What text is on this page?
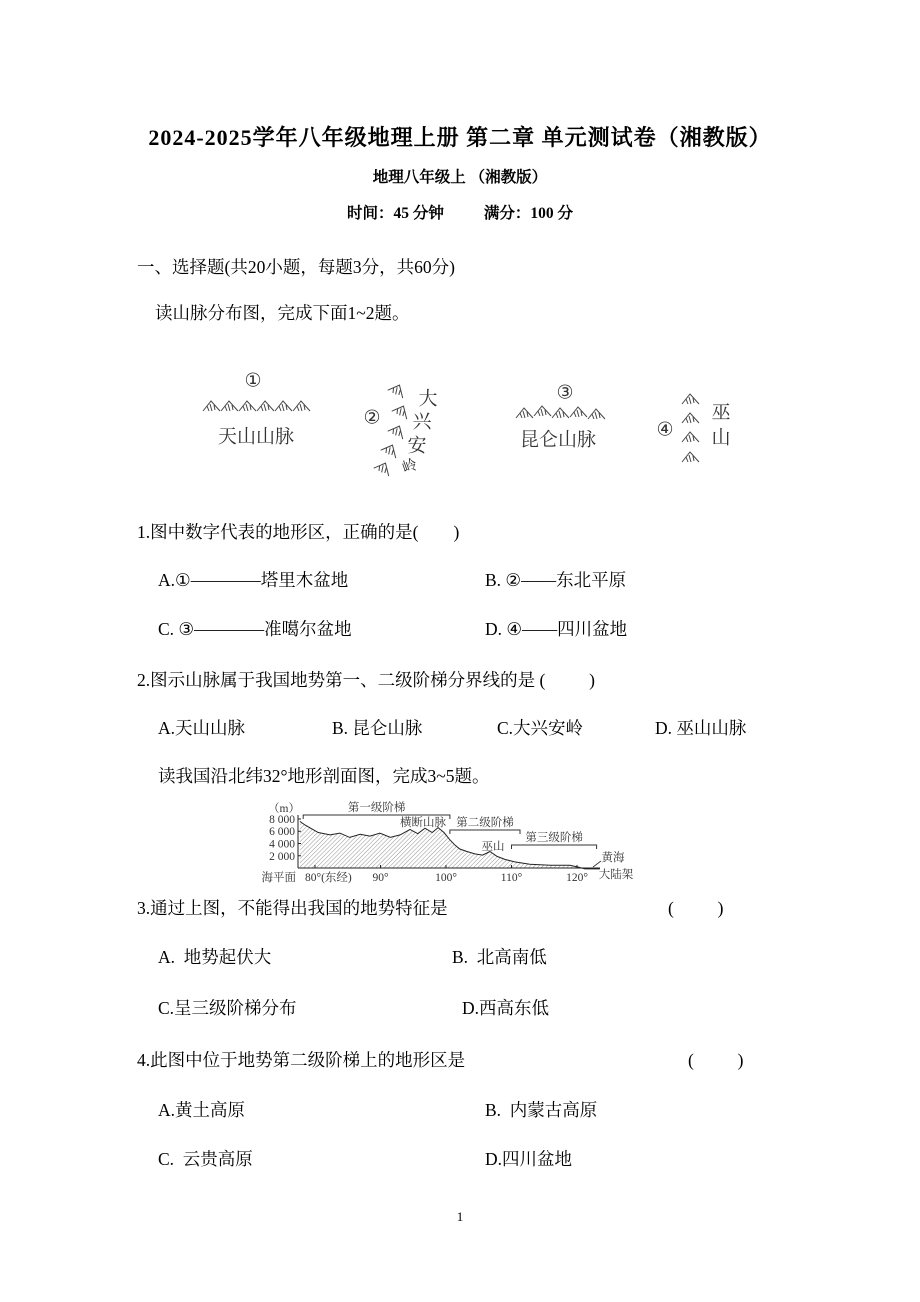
2024-2025学年八年级地理上册 第二章 单元测试卷（湘教版）
地理八年级上 （湘教版）
时间：45 分钟	满分：100 分
一、选择题(共20小题，每题3分，共60分)
读山脉分布图，完成下面1~2题。
①
天山山脉
②
大
兴
安
岭
③
昆仑山脉	④
巫
山
1.图中数字代表的地形区，正确的是(        )
A.①————塔里木盆地	B. ②——东北平原
C. ③————准噶尔盆地	D. ④——四川盆地
2.图示山脉属于我国地势第一、二级阶梯分界线的是 (          )
A.天山山脉	B. 昆仑山脉	C.大兴安岭	D. 巫山山脉
读我国沿北纬32°地形剖面图，完成3~5题。
（m）
8 000
6 000
4 000
2 000
海平面 80°(东经) 90°	100°	110°	120°
第一级阶梯
第二级阶梯
第三级阶梯
横断山脉
巫山
黄海
大陆架
3.通过上图，不能得出我国的地势特征是	(          )
A.  地势起伏大	B.  北高南低
C.呈三级阶梯分布	D.西高东低
4.此图中位于地势第二级阶梯上的地形区是	(          )
A.黄土高原	B.  内蒙古高原
C.  云贵高原	D.四川盆地
1
